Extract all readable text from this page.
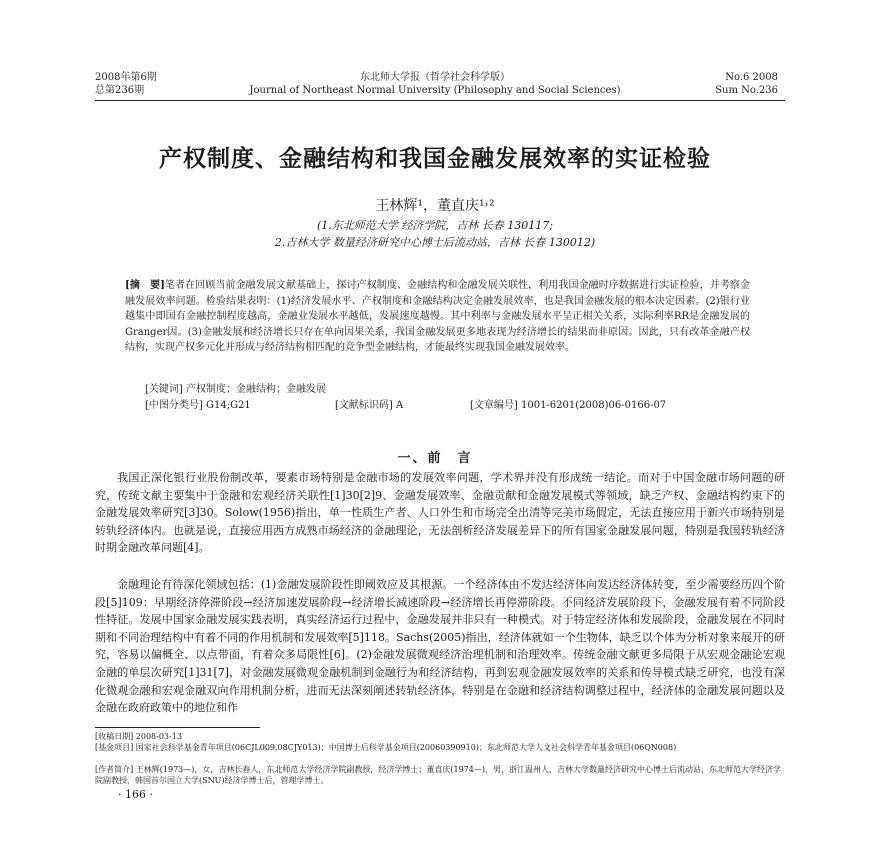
2008年第6期
总第236期
东北师大学报（哲学社会科学版）
Journal of Northeast Normal University (Philosophy and Social Sciences)
No.6 2008
Sum No.236
产权制度、金融结构和我国金融发展效率的实证检验
王林辉¹，董直庆¹˒²
(1.东北师范大学 经济学院，吉林 长春 130117;
2.吉林大学 数量经济研究中心博士后流动站，吉林 长春 130012)
[摘　要]笔者在回顾当前金融发展文献基础上，探讨产权制度、金融结构和金融发展关联性，利用我国金融时序数据进行实证检验，并考察金融发展效率问题。检验结果表明：(1)经济发展水平、产权制度和金融结构决定金融发展效率，也是我国金融发展的根本决定因素。(2)银行业越集中即国有金融控制程度越高，金融业发展水平越低，发展速度越慢。其中利率与金融发展水平呈正相关关系，实际利率RR是金融发展的Granger因。(3)金融发展和经济增长只存在单向因果关系，我国金融发展更多地表现为经济增长的结果而非原因。因此，只有改革金融产权结构，实现产权多元化并形成与经济结构相匹配的竞争型金融结构，才能最终实现我国金融发展效率。
[关键词] 产权制度；金融结构；金融发展
[中图分类号] G14;G21	[文献标识码] A	[文章编号] 1001-6201(2008)06-0166-07
一、前　言

我国正深化银行业股份制改革，要素市场特别是金融市场的发展效率问题，学术界并没有形成统一结论。而对于中国金融市场问题的研究，传统文献主要集中于金融和宏观经济关联性[1]30[2]9、金融发展效率、金融贡献和金融发展模式等领域，缺乏产权、金融结构约束下的金融发展效率研究[3]30。Solow(1956)指出，单一性质生产者、人口外生和市场完全出清等完美市场假定，无法直接应用于新兴市场特别是转轨经济体内。也就是说，直接应用西方成熟市场经济的金融理论，无法剖析经济发展差异下的所有国家金融发展问题，特别是我国转轨经济时期金融改革问题[4]。

金融理论有待深化领域包括：(1)金融发展阶段性即阈效应及其根源。一个经济体由不发达经济体向发达经济体转变，至少需要经历四个阶段[5]109：早期经济停滞阶段→经济加速发展阶段→经济增长减速阶段→经济增长再停滞阶段。不同经济发展阶段下，金融发展有着不同阶段性特征。发展中国家金融发展实践表明，真实经济运行过程中，金融发展并非只有一种模式。对于特定经济体和发展阶段，金融发展在不同时期和不同治理结构中有着不同的作用机制和发展效率[5]118。Sachs(2005)指出，经济体就如一个生物体，缺乏以个体为分析对象来展开的研究，容易以偏概全、以点带面，有着众多局限性[6]。(2)金融发展微观经济治理机制和治理效率。传统金融文献更多局限于从宏观金融论宏观金融的单层次研究[1]31[7]，对金融发展微观金融机制到金融行为和经济结构，再到宏观金融发展效率的关系和传导模式缺乏研究，也没有深化微观金融和宏观金融双向作用机制分析，进而无法深刻阐述转轨经济体，特别是在金融和经济结构调整过程中，经济体的金融发展问题以及金融在政府政策中的地位和作

[收稿日期] 2008-03-13
[基金项目] 国家社会科学基金青年项目(06CJL009,08CJY013)；中国博士后科学基金项目(20060390910)；东北师范大学人文社会科学青年基金项目(06QN008)
[作者简介] 王林辉(1973—)，女，吉林长春人，东北师范大学经济学院副教授，经济学博士；董直庆(1974—)，男，浙江温州人，吉林大学数量经济研究中心博士后流动站，东北师范大学经济学院副教授，韩国首尔国立大学(SNU)经济学博士后，管理学博士。
· 166 ·
